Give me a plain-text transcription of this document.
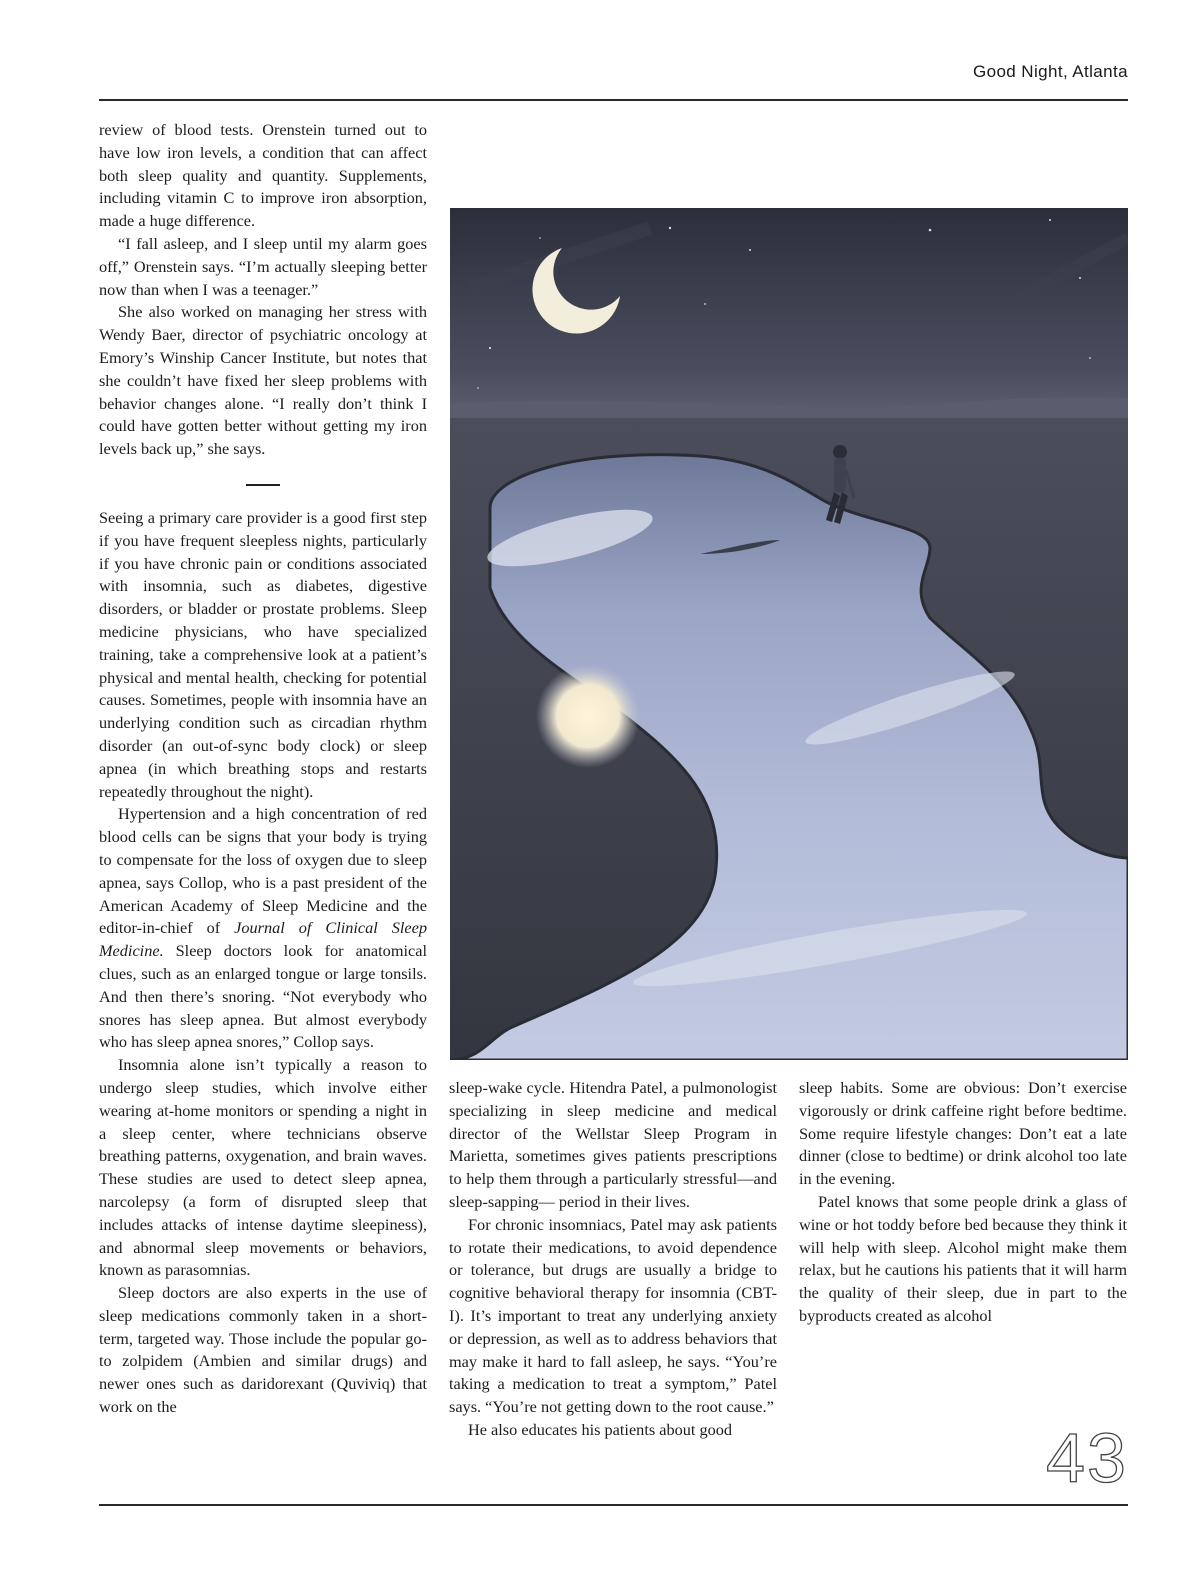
Good Night, Atlanta

review of blood tests. Orenstein turned out to have low iron levels, a condition that can affect both sleep quality and quantity. Supplements, including vitamin C to improve iron absorption, made a huge difference.

“I fall asleep, and I sleep until my alarm goes off,” Orenstein says. “I’m actually sleeping better now than when I was a teenager.”

She also worked on managing her stress with Wendy Baer, director of psychiatric oncology at Emory’s Winship Cancer Institute, but notes that she couldn’t have fixed her sleep problems with behavior changes alone. “I really don’t think I could have gotten better without getting my iron levels back up,” she says.

Seeing a primary care provider is a good first step if you have frequent sleepless nights, particularly if you have chronic pain or conditions associated with insomnia, such as diabetes, digestive disorders, or bladder or prostate problems. Sleep medicine physicians, who have specialized training, take a comprehensive look at a patient’s physical and mental health, checking for potential causes. Sometimes, people with insomnia have an underlying condition such as circadian rhythm disorder (an out-of-sync body clock) or sleep apnea (in which breathing stops and restarts repeatedly throughout the night).

Hypertension and a high concentration of red blood cells can be signs that your body is trying to compensate for the loss of oxygen due to sleep apnea, says Collop, who is a past president of the American Academy of Sleep Medicine and the editor-in-chief of Journal of Clinical Sleep Medicine. Sleep doctors look for anatomical clues, such as an enlarged tongue or large tonsils. And then there’s snoring. “Not everybody who snores has sleep apnea. But almost everybody who has sleep apnea snores,” Collop says.

Insomnia alone isn’t typically a reason to undergo sleep studies, which involve either wearing at-home monitors or spending a night in a sleep center, where technicians observe breathing patterns, oxygenation, and brain waves. These studies are used to detect sleep apnea, narcolepsy (a form of disrupted sleep that includes attacks of intense daytime sleepiness), and abnormal sleep movements or behaviors, known as parasomnias.

Sleep doctors are also experts in the use of sleep medications commonly taken in a short-term, targeted way. Those include the popular go-to zolpidem (Ambien and similar drugs) and newer ones such as daridorexant (Quviviq) that work on the

sleep-wake cycle. Hitendra Patel, a pulmonologist specializing in sleep medicine and medical director of the Wellstar Sleep Program in Marietta, sometimes gives patients prescriptions to help them through a particularly stressful—and sleep-sapping— period in their lives.

For chronic insomniacs, Patel may ask patients to rotate their medications, to avoid dependence or tolerance, but drugs are usually a bridge to cognitive behavioral therapy for insomnia (CBT-I). It’s important to treat any underlying anxiety or depression, as well as to address behaviors that may make it hard to fall asleep, he says. “You’re taking a medication to treat a symptom,” Patel says. “You’re not getting down to the root cause.”

He also educates his patients about good

sleep habits. Some are obvious: Don’t exercise vigorously or drink caffeine right before bedtime. Some require lifestyle changes: Don’t eat a late dinner (close to bedtime) or drink alcohol too late in the evening.

Patel knows that some people drink a glass of wine or hot toddy before bed because they think it will help with sleep. Alcohol might make them relax, but he cautions his patients that it will harm the quality of their sleep, due in part to the byproducts created as alcohol

43
